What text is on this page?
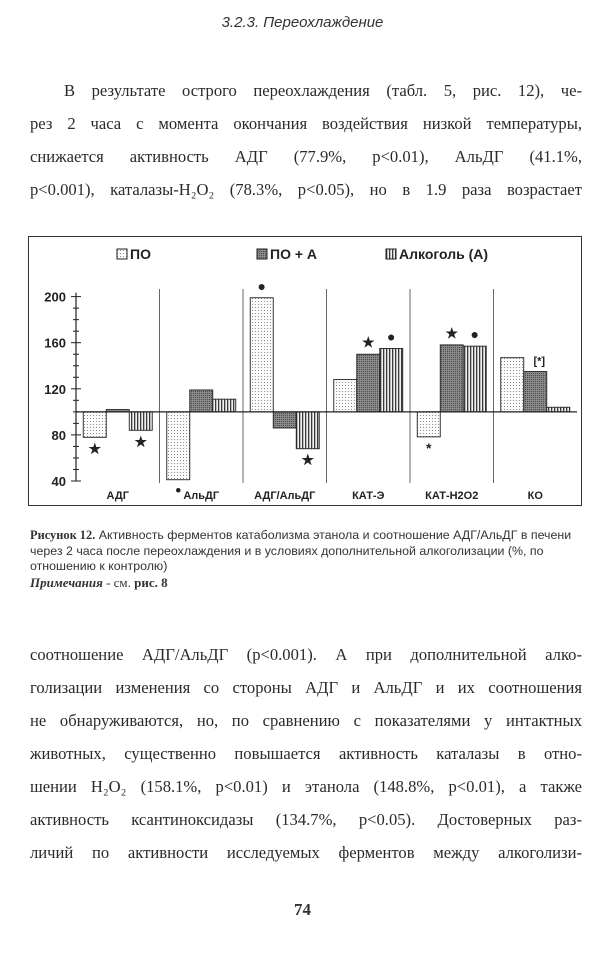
3.2.3. Переохлаждение

В результате острого переохлаждения (табл. 5, рис. 12), че-
рез 2 часа с момента окончания воздействия низкой температуры,
снижается активность АДГ (77.9%, p<0.01), АльДГ (41.1%,
p<0.001), каталазы-H₂O₂ (78.3%, p<0.05), но в 1.9 раза возрастает

ПО	ПО + А	Алкоголь (А)
200
160
120
80
40
★ ★
•
●
★
★ ●
*
★ ●
[*]
АДГ	АльДГ	АДГ/АльДГ	КАТ-Э	КАТ-H2O2	КО
Рисунок 12. Активность ферментов катаболизма этанола и соотношение АДГ/АльДГ в печени через 2 часа после переохлаждения и в условиях дополнительной алкоголизации (%, по отношению к контролю)
Примечания - см. рис. 8

соотношение АДГ/АльДГ (p<0.001). А при дополнительной алко-
голизации изменения со стороны АДГ и АльДГ и их соотношения
не обнаруживаются, но, по сравнению с показателями у интактных
животных, существенно повышается активность каталазы в отно-
шении H₂O₂ (158.1%, p<0.01) и этанола (148.8%, p<0.01), а также
активность ксантиноксидазы (134.7%, p<0.05). Достоверных раз-
личий по активности исследуемых ферментов между алкоголизи-

74
